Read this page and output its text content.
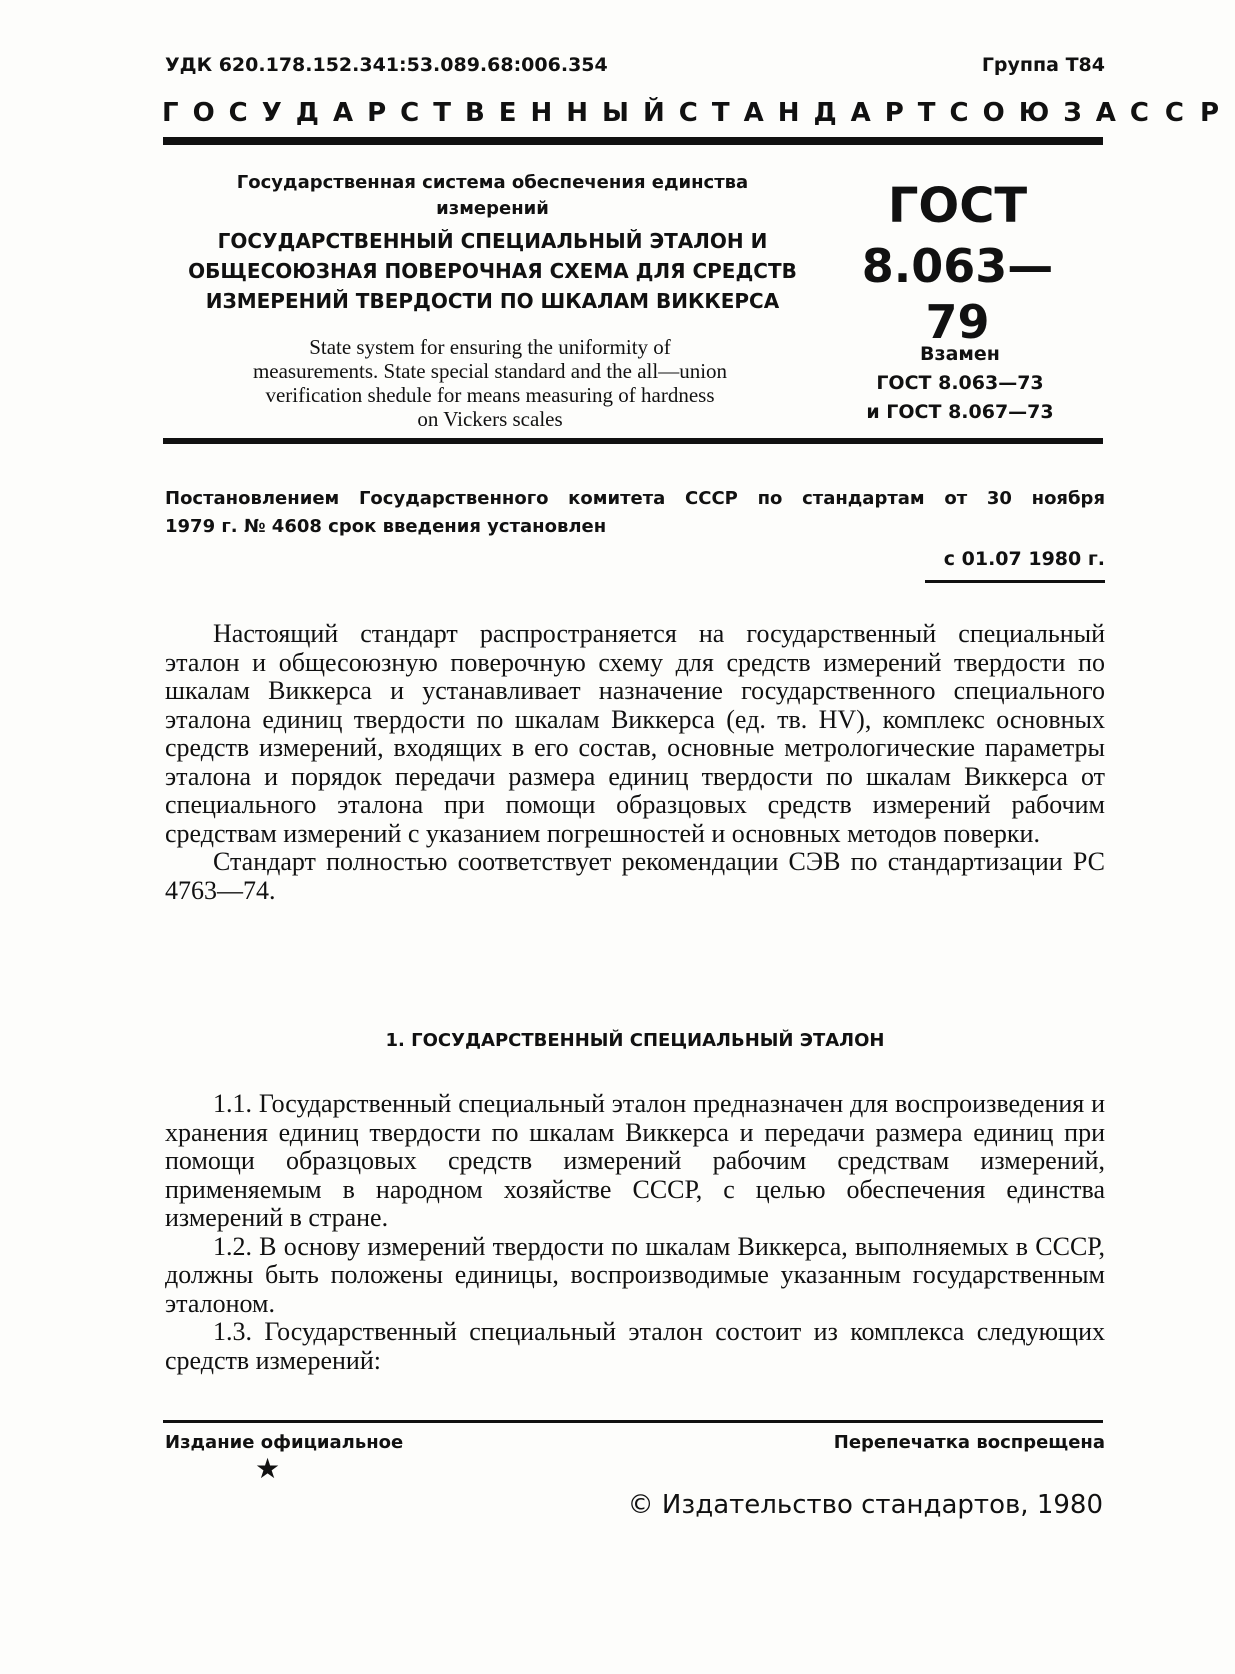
УДК 620.178.152.341:53.089.68:006.354	Группа Т84
ГОСУДАРСТВЕННЫЙ СТАНДАРТ СОЮЗА ССР
Государственная система обеспечения единства
измерений
ГОСУДАРСТВЕННЫЙ СПЕЦИАЛЬНЫЙ ЭТАЛОН И
ОБЩЕСОЮЗНАЯ ПОВЕРОЧНАЯ СХЕМА ДЛЯ СРЕДСТВ
ИЗМЕРЕНИЙ ТВЕРДОСТИ ПО ШКАЛАМ ВИККЕРСА
State system for ensuring the uniformity of
measurements. State special standard and the all—union
verification shedule for means measuring of hardness
on Vickers scales
ГОСТ
8.063—79
Взамен
ГОСТ 8.063—73
и ГОСТ 8.067—73
Постановлением Государственного комитета СССР по стандартам от 30 ноября
1979 г. № 4608 срок введения установлен
с 01.07 1980 г.

Настоящий стандарт распространяется на государственный специальный эталон и общесоюзную поверочную схему для средств измерений твердости по шкалам Виккерса и устанавливает назначение государственного специального эталона единиц твердости по шкалам Виккерса (ед. тв. HV), комплекс основных средств измерений, входящих в его состав, основные метрологические параметры эталона и порядок передачи размера единиц твердости по шкалам Виккерса от специального эталона при помощи образцовых средств измерений рабочим средствам измерений с указанием погрешностей и основных методов поверки.

Стандарт полностью соответствует рекомендации СЭВ по стандартизации РС 4763—74.

1. ГОСУДАРСТВЕННЫЙ СПЕЦИАЛЬНЫЙ ЭТАЛОН

1.1. Государственный специальный эталон предназначен для воспроизведения и хранения единиц твердости по шкалам Виккерса и передачи размера единиц при помощи образцовых средств измерений рабочим средствам измерений, применяемым в народном хозяйстве СССР, с целью обеспечения единства измерений в стране.

1.2. В основу измерений твердости по шкалам Виккерса, выполняемых в СССР, должны быть положены единицы, воспроизводимые указанным государственным эталоном.

1.3. Государственный специальный эталон состоит из комплекса следующих средств измерений:

Издание официальное	Перепечатка воспрещена
★
© Издательство стандартов, 1980
